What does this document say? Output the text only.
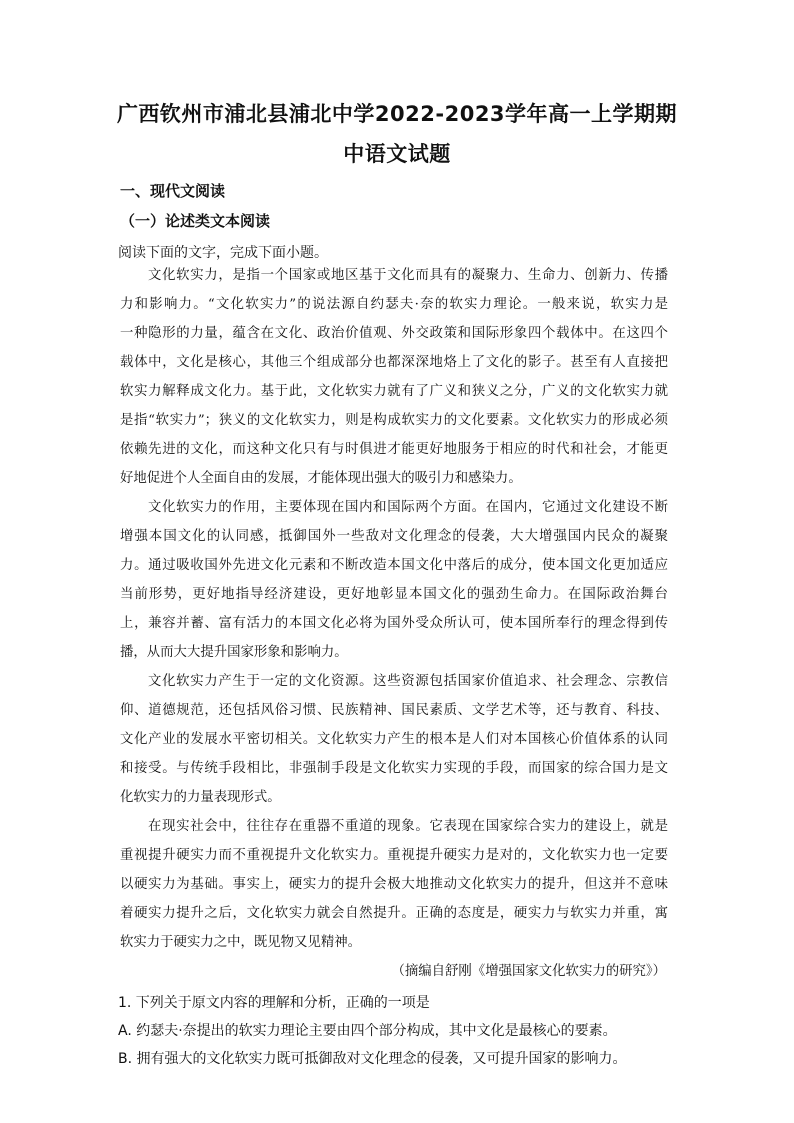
广西钦州市浦北县浦北中学2022-2023学年高一上学期期
中语文试题
一、现代文阅读
（一）论述类文本阅读
阅读下面的文字，完成下面小题。
文化软实力，是指一个国家或地区基于文化而具有的凝聚力、生命力、创新力、传播
力和影响力。“文化软实力”的说法源自约瑟夫·奈的软实力理论。一般来说，软实力是
一种隐形的力量，蕴含在文化、政治价值观、外交政策和国际形象四个载体中。在这四个
载体中，文化是核心，其他三个组成部分也都深深地烙上了文化的影子。甚至有人直接把
软实力解释成文化力。基于此，文化软实力就有了广义和狭义之分，广义的文化软实力就
是指“软实力”；狭义的文化软实力，则是构成软实力的文化要素。文化软实力的形成必须
依赖先进的文化，而这种文化只有与时俱进才能更好地服务于相应的时代和社会，才能更
好地促进个人全面自由的发展，才能体现出强大的吸引力和感染力。
文化软实力的作用，主要体现在国内和国际两个方面。在国内，它通过文化建设不断
增强本国文化的认同感，抵御国外一些敌对文化理念的侵袭，大大增强国内民众的凝聚
力。通过吸收国外先进文化元素和不断改造本国文化中落后的成分，使本国文化更加适应
当前形势，更好地指导经济建设，更好地彰显本国文化的强劲生命力。在国际政治舞台
上，兼容并蓄、富有活力的本国文化必将为国外受众所认可，使本国所奉行的理念得到传
播，从而大大提升国家形象和影响力。
文化软实力产生于一定的文化资源。这些资源包括国家价值追求、社会理念、宗教信
仰、道德规范，还包括风俗习惯、民族精神、国民素质、文学艺术等，还与教育、科技、
文化产业的发展水平密切相关。文化软实力产生的根本是人们对本国核心价值体系的认同
和接受。与传统手段相比，非强制手段是文化软实力实现的手段，而国家的综合国力是文
化软实力的力量表现形式。
在现实社会中，往往存在重器不重道的现象。它表现在国家综合实力的建设上，就是
重视提升硬实力而不重视提升文化软实力。重视提升硬实力是对的，文化软实力也一定要
以硬实力为基础。事实上，硬实力的提升会极大地推动文化软实力的提升，但这并不意味
着硬实力提升之后，文化软实力就会自然提升。正确的态度是，硬实力与软实力并重，寓
软实力于硬实力之中，既见物又见精神。
（摘编自舒刚《增强国家文化软实力的研究》）
1. 下列关于原文内容的理解和分析，正确的一项是
A. 约瑟夫·奈提出的软实力理论主要由四个部分构成，其中文化是最核心的要素。
B. 拥有强大的文化软实力既可抵御敌对文化理念的侵袭，又可提升国家的影响力。
